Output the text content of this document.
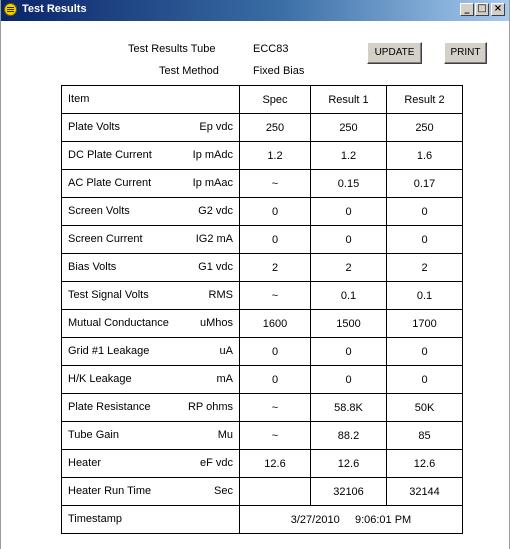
Test Results	_ □ ×
Test Results Tube	ECC83
Test Method	Fixed Bias
UPDATE	PRINT
Item	Spec	Result 1	Result 2

Plate Volts Ep vdc	250	250	250

DC Plate Current Ip mAdc	1.2	1.2	1.6

AC Plate Current Ip mAac	~	0.15	0.17

Screen Volts G2 vdc	0	0	0

Screen Current IG2 mA	0	0	0

Bias Volts G1 vdc	2	2	2

Test Signal Volts RMS	~	0.1	0.1

Mutual Conductance uMhos	1600	1500	1700

Grid #1 Leakage uA	0	0	0

H/K Leakage mA	0	0	0

Plate Resistance RP ohms	~	58.8K	50K

Tube Gain Mu	~	88.2	85

Heater eF vdc	12.6	12.6	12.6

Heater Run Time Sec		32106	32144

Timestamp	3/27/2010     9:06:01 PM		
